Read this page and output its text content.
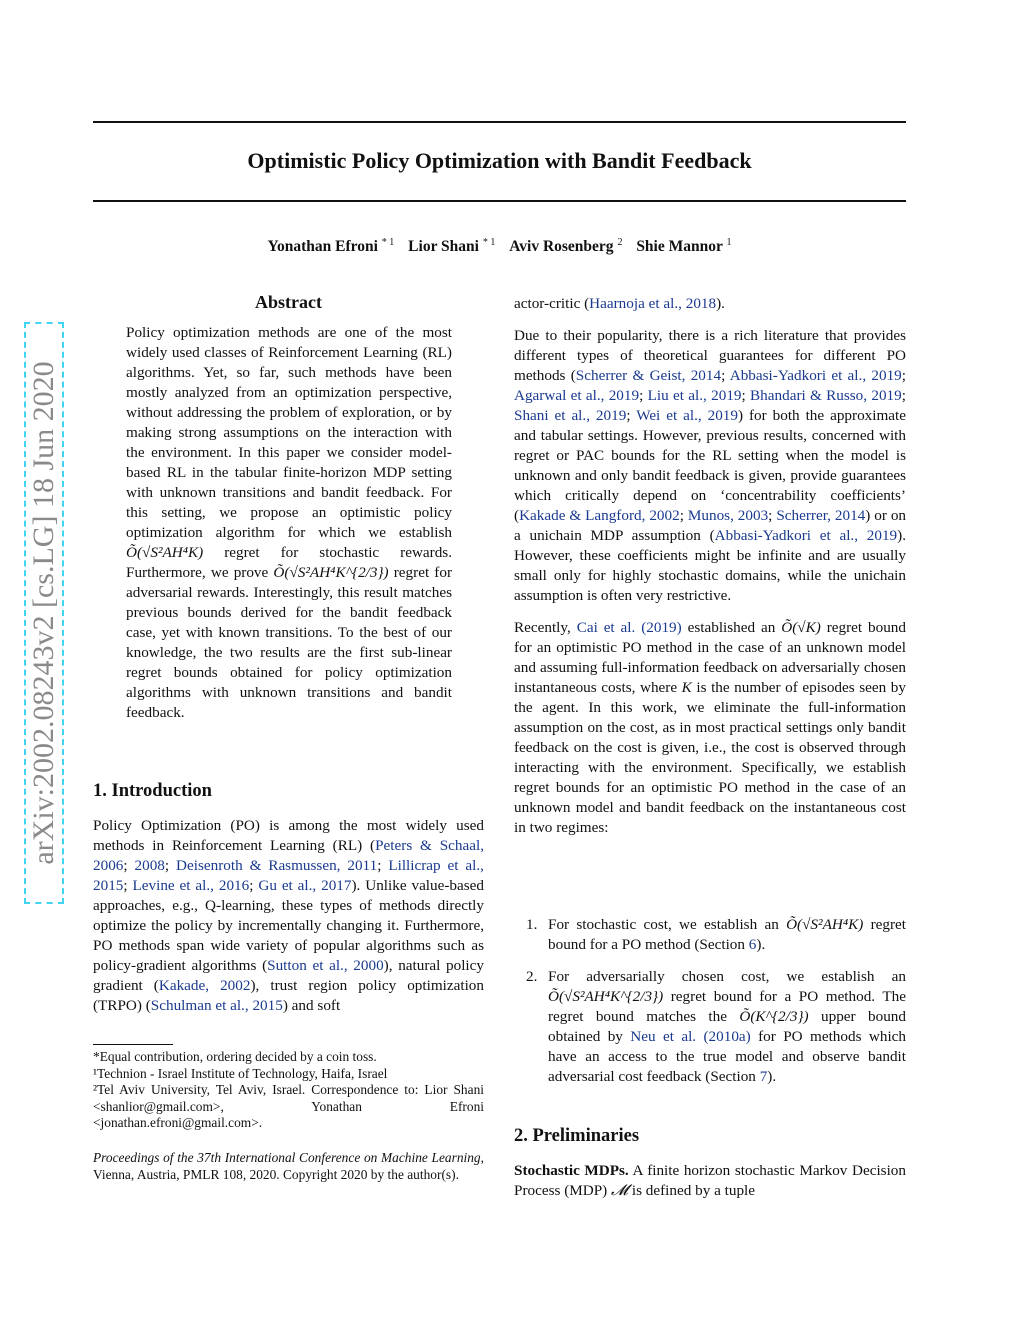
Optimistic Policy Optimization with Bandit Feedback
Yonathan Efroni $^{* 1}$ Lior Shani $^{* 1}$ Aviv Rosenberg $^2$ Shie Mannor $^1$
arXiv:2002.08243v2 [cs.LG] 18 Jun 2020
Abstract
Policy optimization methods are one of the most widely used classes of Reinforcement Learning (RL) algorithms. Yet, so far, such methods have been mostly analyzed from an optimization perspective, without addressing the problem of exploration, or by making strong assumptions on the interaction with the environment. In this paper we consider model-based RL in the tabular finite-horizon MDP setting with unknown transitions and bandit feedback. For this setting, we propose an optimistic policy optimization algorithm for which we establish Õ(√S²AH⁴K) regret for stochastic rewards. Furthermore, we prove Õ(√S²AH⁴K^{2/3}) regret for adversarial rewards. Interestingly, this result matches previous bounds derived for the bandit feedback case, yet with known transitions. To the best of our knowledge, the two results are the first sub-linear regret bounds obtained for policy optimization algorithms with unknown transitions and bandit feedback.
1. Introduction
Policy Optimization (PO) is among the most widely used methods in Reinforcement Learning (RL) (Peters & Schaal, 2006; 2008; Deisenroth & Rasmussen, 2011; Lillicrap et al., 2015; Levine et al., 2016; Gu et al., 2017). Unlike value-based approaches, e.g., Q-learning, these types of methods directly optimize the policy by incrementally changing it. Furthermore, PO methods span wide variety of popular algorithms such as policy-gradient algorithms (Sutton et al., 2000), natural policy gradient (Kakade, 2002), trust region policy optimization (TRPO) (Schulman et al., 2015) and soft

*Equal contribution, ordering decided by a coin toss.

¹Technion - Israel Institute of Technology, Haifa, Israel

²Tel Aviv University, Tel Aviv, Israel. Correspondence to: Lior Shani <shanlior@gmail.com>, Yonathan Efroni <jonathan.efroni@gmail.com>.

Proceedings of the 37th International Conference on Machine Learning, Vienna, Austria, PMLR 108, 2020. Copyright 2020 by the author(s).

actor-critic (Haarnoja et al., 2018).

Due to their popularity, there is a rich literature that provides different types of theoretical guarantees for different PO methods (Scherrer & Geist, 2014; Abbasi-Yadkori et al., 2019; Agarwal et al., 2019; Liu et al., 2019; Bhandari & Russo, 2019; Shani et al., 2019; Wei et al., 2019) for both the approximate and tabular settings. However, previous results, concerned with regret or PAC bounds for the RL setting when the model is unknown and only bandit feedback is given, provide guarantees which critically depend on ‘concentrability coefficients’ (Kakade & Langford, 2002; Munos, 2003; Scherrer, 2014) or on a unichain MDP assumption (Abbasi-Yadkori et al., 2019). However, these coefficients might be infinite and are usually small only for highly stochastic domains, while the unichain assumption is often very restrictive.

Recently, Cai et al. (2019) established an Õ(√K) regret bound for an optimistic PO method in the case of an unknown model and assuming full-information feedback on adversarially chosen instantaneous costs, where K is the number of episodes seen by the agent. In this work, we eliminate the full-information assumption on the cost, as in most practical settings only bandit feedback on the cost is given, i.e., the cost is observed through interacting with the environment. Specifically, we establish regret bounds for an optimistic PO method in the case of an unknown model and bandit feedback on the instantaneous cost in two regimes:

1. For stochastic cost, we establish an Õ(√S²AH⁴K) regret bound for a PO method (Section 6).
2. For adversarially chosen cost, we establish an Õ(√S²AH⁴K^{2/3}) regret bound for a PO method. The regret bound matches the Õ(K^{2/3}) upper bound obtained by Neu et al. (2010a) for PO methods which have an access to the true model and observe bandit adversarial cost feedback (Section 7).
2. Preliminaries
Stochastic MDPs. A finite horizon stochastic Markov Decision Process (MDP) 𝓜 is defined by a tuple
